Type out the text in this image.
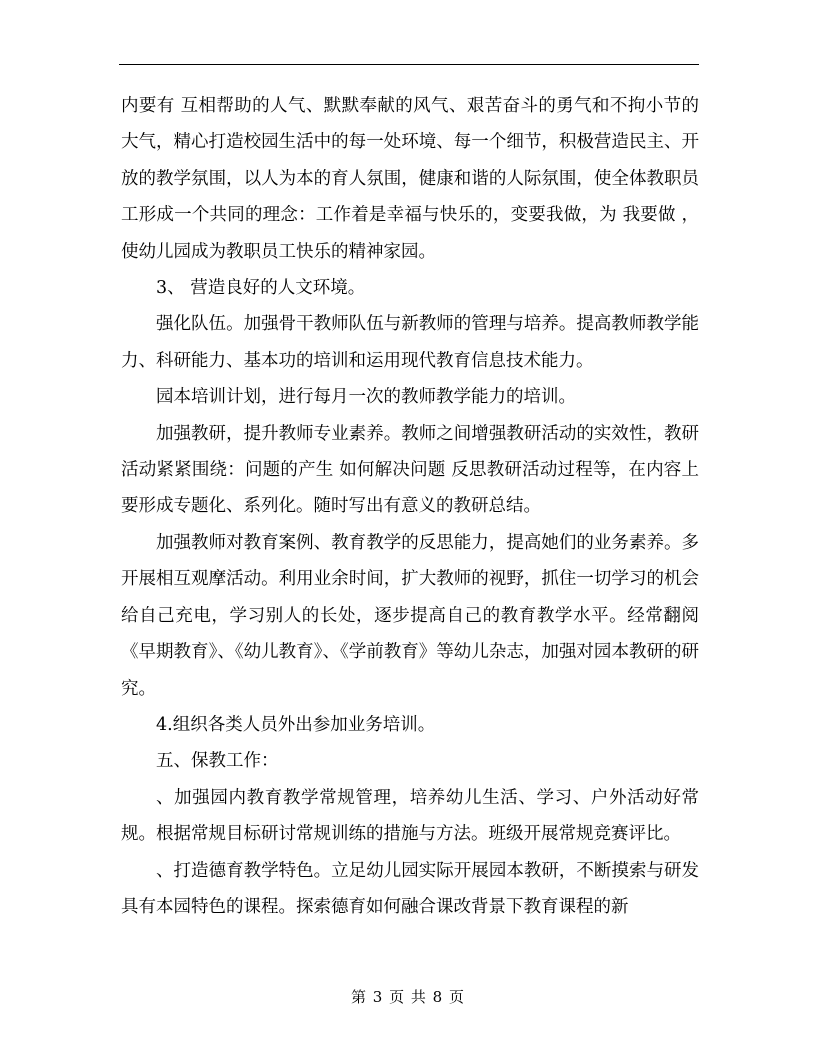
内要有 互相帮助的人气、默默奉献的风气、艰苦奋斗的勇气和不拘小节的大气，精心打造校园生活中的每一处环境、每一个细节，积极营造民主、开放的教学氛围，以人为本的育人氛围，健康和谐的人际氛围，使全体教职员工形成一个共同的理念：工作着是幸福与快乐的，变要我做，为 我要做 ，使幼儿园成为教职员工快乐的精神家园。

3、 营造良好的人文环境。

强化队伍。加强骨干教师队伍与新教师的管理与培养。提高教师教学能力、科研能力、基本功的培训和运用现代教育信息技术能力。

园本培训计划，进行每月一次的教师教学能力的培训。

加强教研，提升教师专业素养。教师之间增强教研活动的实效性，教研活动紧紧围绕：问题的产生 如何解决问题 反思教研活动过程等，在内容上要形成专题化、系列化。随时写出有意义的教研总结。

加强教师对教育案例、教育教学的反思能力，提高她们的业务素养。多开展相互观摩活动。利用业余时间，扩大教师的视野，抓住一切学习的机会给自己充电，学习别人的长处，逐步提高自己的教育教学水平。经常翻阅《早期教育》、《幼儿教育》、《学前教育》等幼儿杂志，加强对园本教研的研究。

4.组织各类人员外出参加业务培训。

五、保教工作：

、加强园内教育教学常规管理，培养幼儿生活、学习、户外活动好常规。根据常规目标研讨常规训练的措施与方法。班级开展常规竞赛评比。

、打造德育教学特色。立足幼儿园实际开展园本教研，不断摸索与研发具有本园特色的课程。探索德育如何融合课改背景下教育课程的新

第 3 页 共 8 页
